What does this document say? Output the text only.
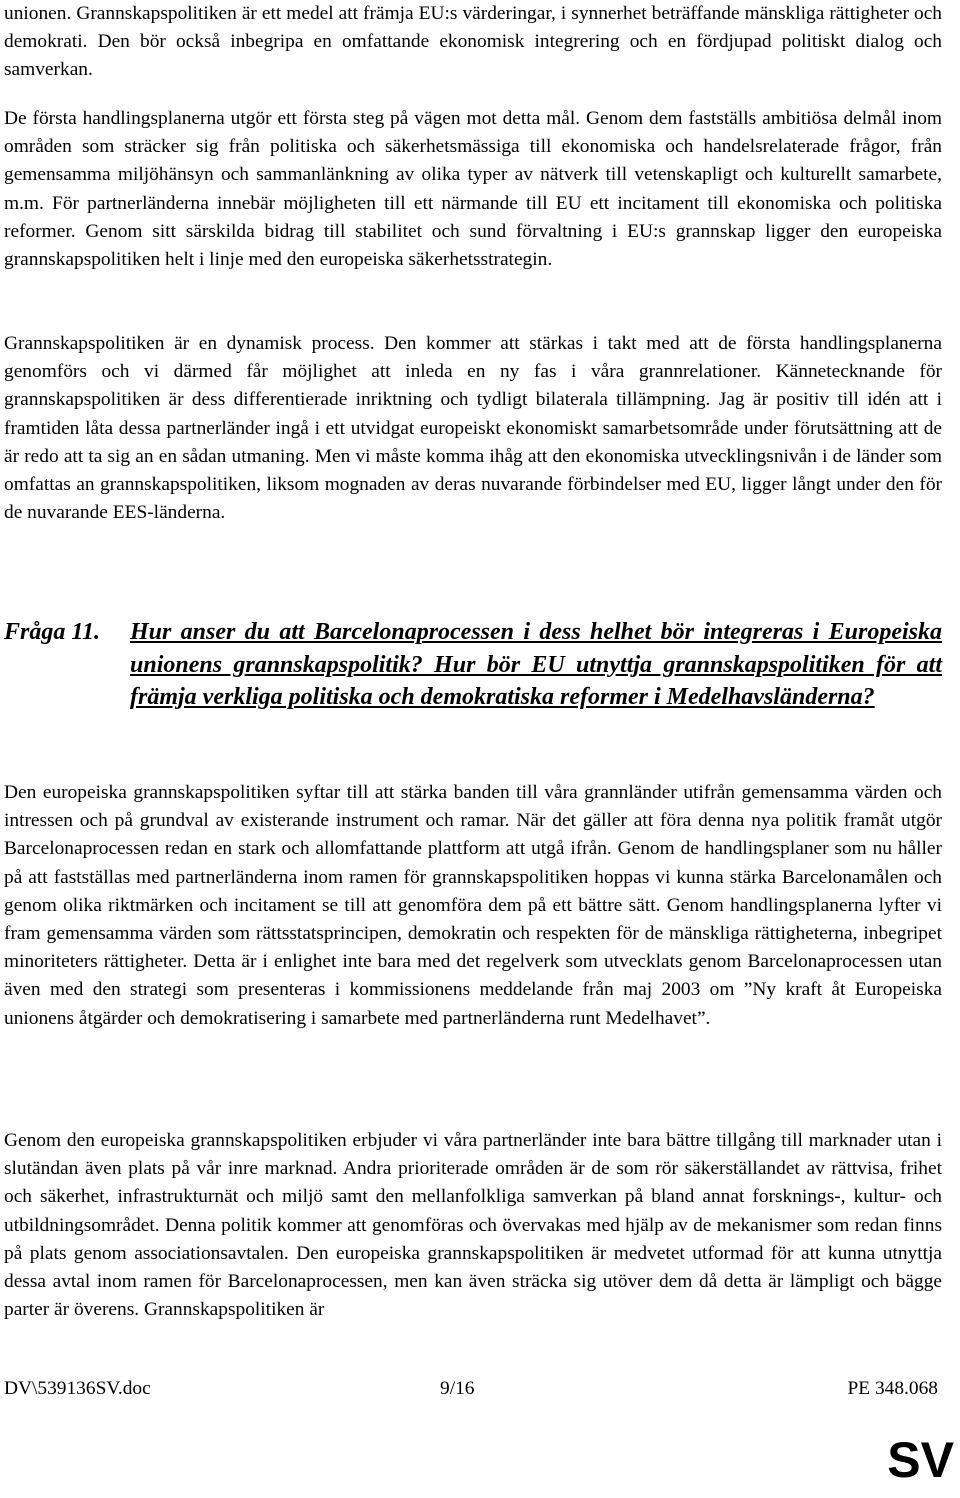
unionen. Grannskapspolitiken är ett medel att främja EU:s värderingar, i synnerhet beträffande mänskliga rättigheter och demokrati. Den bör också inbegripa en omfattande ekonomisk integrering och en fördjupad politiskt dialog och samverkan.

De första handlingsplanerna utgör ett första steg på vägen mot detta mål. Genom dem fastställs ambitiösa delmål inom områden som sträcker sig från politiska och säkerhetsmässiga till ekonomiska och handelsrelaterade frågor, från gemensamma miljöhänsyn och sammanlänkning av olika typer av nätverk till vetenskapligt och kulturellt samarbete, m.m. För partnerländerna innebär möjligheten till ett närmande till EU ett incitament till ekonomiska och politiska reformer. Genom sitt särskilda bidrag till stabilitet och sund förvaltning i EU:s grannskap ligger den europeiska grannskapspolitiken helt i linje med den europeiska säkerhetsstrategin.

Grannskapspolitiken är en dynamisk process. Den kommer att stärkas i takt med att de första handlingsplanerna genomförs och vi därmed får möjlighet att inleda en ny fas i våra grannrelationer. Kännetecknande för grannskapspolitiken är dess differentierade inriktning och tydligt bilaterala tillämpning. Jag är positiv till idén att i framtiden låta dessa partnerländer ingå i ett utvidgat europeiskt ekonomiskt samarbetsområde under förutsättning att de är redo att ta sig an en sådan utmaning. Men vi måste komma ihåg att den ekonomiska utvecklingsnivån i de länder som omfattas an grannskapspolitiken, liksom mognaden av deras nuvarande förbindelser med EU, ligger långt under den för de nuvarande EES-länderna.

Fråga 11. Hur anser du att Barcelonaprocessen i dess helhet bör integreras i Europeiska unionens grannskapspolitik? Hur bör EU utnyttja grannskapspolitiken för att främja verkliga politiska och demokratiska reformer i Medelhavsländerna?

Den europeiska grannskapspolitiken syftar till att stärka banden till våra grannländer utifrån gemensamma värden och intressen och på grundval av existerande instrument och ramar. När det gäller att föra denna nya politik framåt utgör Barcelonaprocessen redan en stark och allomfattande plattform att utgå ifrån. Genom de handlingsplaner som nu håller på att fastställas med partnerländerna inom ramen för grannskapspolitiken hoppas vi kunna stärka Barcelonamålen och genom olika riktmärken och incitament se till att genomföra dem på ett bättre sätt. Genom handlingsplanerna lyfter vi fram gemensamma värden som rättsstatsprincipen, demokratin och respekten för de mänskliga rättigheterna, inbegripet minoriteters rättigheter. Detta är i enlighet inte bara med det regelverk som utvecklats genom Barcelonaprocessen utan även med den strategi som presenteras i kommissionens meddelande från maj 2003 om ”Ny kraft åt Europeiska unionens åtgärder och demokratisering i samarbete med partnerländerna runt Medelhavet”.

Genom den europeiska grannskapspolitiken erbjuder vi våra partnerländer inte bara bättre tillgång till marknader utan i slutändan även plats på vår inre marknad. Andra prioriterade områden är de som rör säkerställandet av rättvisa, frihet och säkerhet, infrastrukturnät och miljö samt den mellanfolkliga samverkan på bland annat forsknings-, kultur- och utbildningsområdet. Denna politik kommer att genomföras och övervakas med hjälp av de mekanismer som redan finns på plats genom associationsavtalen. Den europeiska grannskapspolitiken är medvetet utformad för att kunna utnyttja dessa avtal inom ramen för Barcelonaprocessen, men kan även sträcka sig utöver dem då detta är lämpligt och bägge parter är överens. Grannskapspolitiken är

DV\539136SV.doc	9/16	PE 348.068
SV
